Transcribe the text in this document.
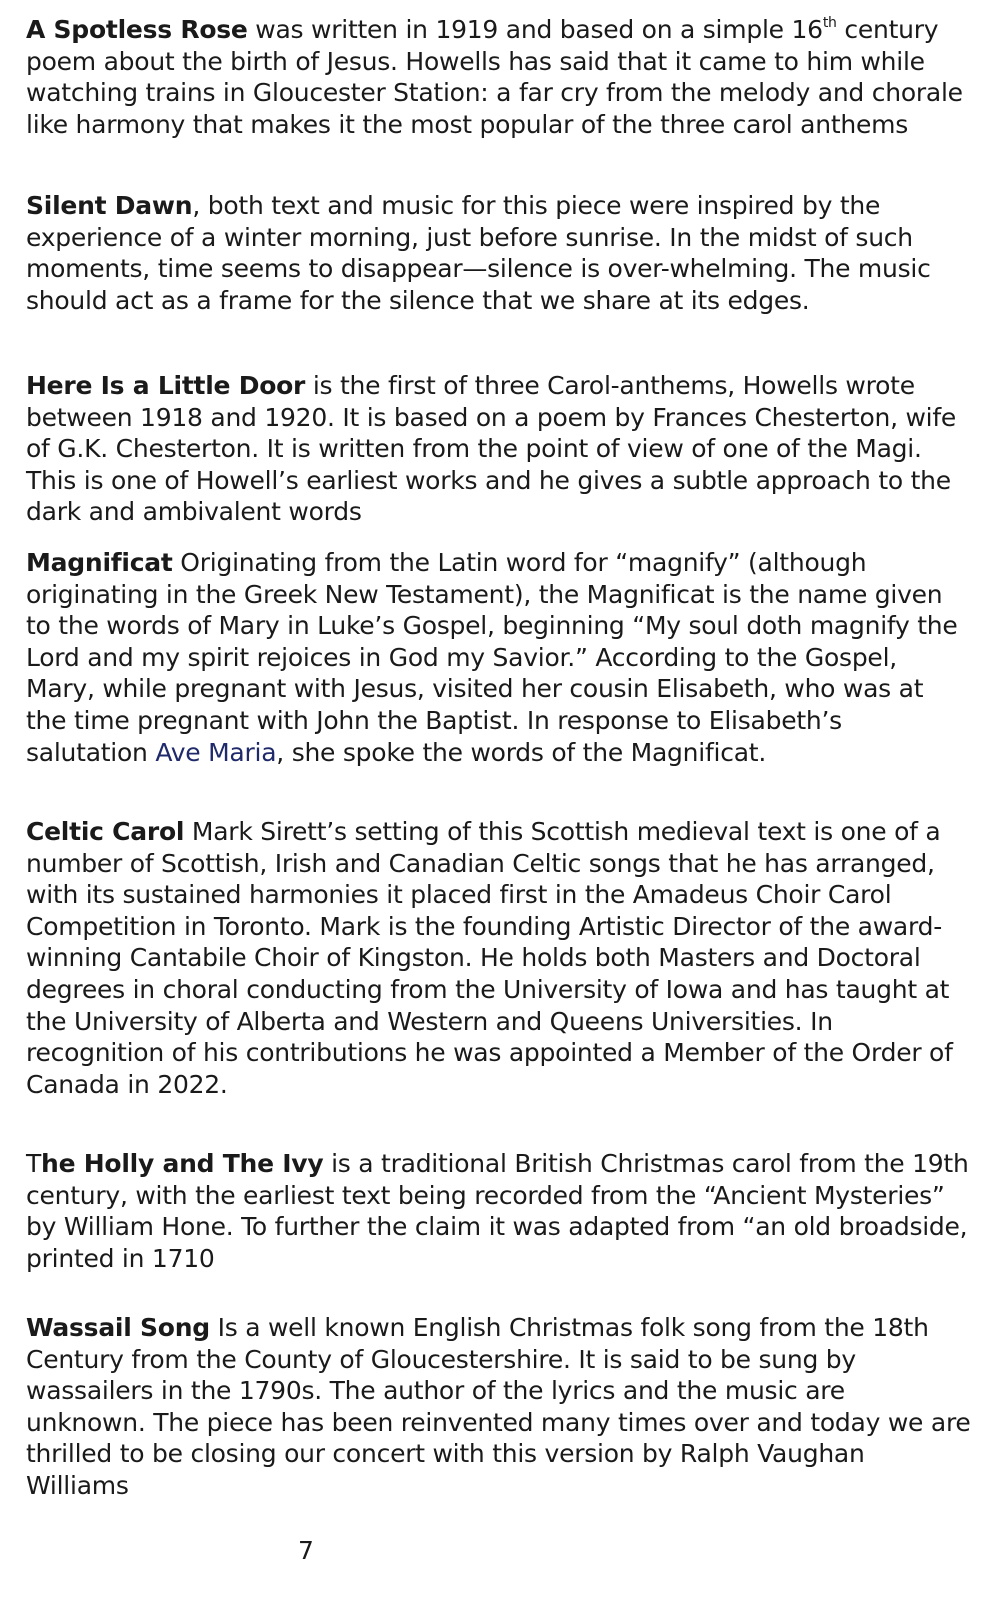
A Spotless Rose was written in 1919 and based on a simple 16th century poem about the birth of Jesus. Howells has said that it came to him while watching trains in Gloucester Station: a far cry from the melody and chorale like harmony that makes it the most popular of the three carol anthems

Silent Dawn, both text and music for this piece were inspired by the experience of a winter morning, just before sunrise. In the midst of such moments, time seems to disappear—silence is over-whelming. The music should act as a frame for the silence that we share at its edges.

Here Is a Little Door is the first of three Carol-anthems, Howells wrote between 1918 and 1920. It is based on a poem by Frances Chesterton, wife of G.K. Chesterton. It is written from the point of view of one of the Magi. This is one of Howell’s earliest works and he gives a subtle approach to the dark and ambivalent words

Magnificat Originating from the Latin word for “magnify” (although originating in the Greek New Testament), the Magnificat is the name given to the words of Mary in Luke’s Gospel, beginning “My soul doth magnify the Lord and my spirit rejoices in God my Savior.” According to the Gospel, Mary, while pregnant with Jesus, visited her cousin Elisabeth, who was at the time pregnant with John the Baptist. In response to Elisabeth’s salutation Ave Maria, she spoke the words of the Magnificat.

Celtic Carol Mark Sirett’s setting of this Scottish medieval text is one of a number of Scottish, Irish and Canadian Celtic songs that he has arranged, with its sustained harmonies it placed first in the Amadeus Choir Carol Competition in Toronto. Mark is the founding Artistic Director of the award-winning Cantabile Choir of Kingston. He holds both Masters and Doctoral degrees in choral conducting from the University of Iowa and has taught at the University of Alberta and Western and Queens Universities. In recognition of his contributions he was appointed a Member of the Order of Canada in 2022.

The Holly and The Ivy is a traditional British Christmas carol from the 19th century, with the earliest text being recorded from the “Ancient Mysteries” by William Hone. To further the claim it was adapted from “an old broadside, printed in 1710

Wassail Song Is a well known English Christmas folk song from the 18th Century from the County of Gloucestershire. It is said to be sung by wassailers in the 1790s. The author of the lyrics and the music are unknown. The piece has been reinvented many times over and today we are thrilled to be closing our concert with this version by Ralph Vaughan Williams

7
